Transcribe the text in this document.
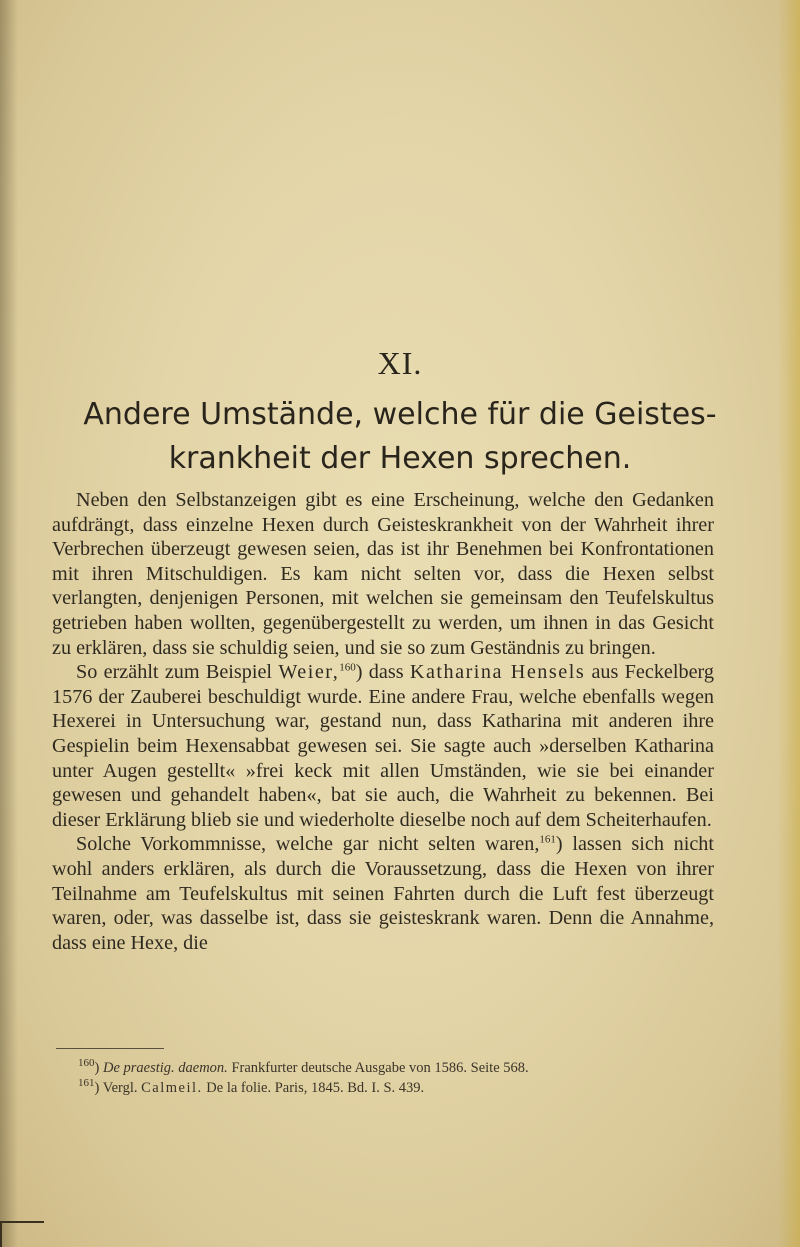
XI.
Andere Umstände, welche für die Geistes-
krankheit der Hexen sprechen.

Neben den Selbstanzeigen gibt es eine Erscheinung, welche den Gedanken aufdrängt, dass einzelne Hexen durch Geisteskrankheit von der Wahrheit ihrer Verbrechen überzeugt gewesen seien, das ist ihr Benehmen bei Konfrontationen mit ihren Mitschuldigen. Es kam nicht selten vor, dass die Hexen selbst verlangten, denjenigen Personen, mit welchen sie gemeinsam den Teufelskultus getrieben haben wollten, gegenübergestellt zu werden, um ihnen in das Gesicht zu erklären, dass sie schuldig seien, und sie so zum Geständnis zu bringen.

So erzählt zum Beispiel Weier,$^{160}$) dass Katharina Hensels aus Feckelberg 1576 der Zauberei beschuldigt wurde. Eine andere Frau, welche ebenfalls wegen Hexerei in Untersuchung war, gestand nun, dass Katharina mit anderen ihre Gespielin beim Hexensabbat gewesen sei. Sie sagte auch »derselben Katharina unter Augen gestellt« »frei keck mit allen Umständen, wie sie bei einander gewesen und gehandelt haben«, bat sie auch, die Wahrheit zu bekennen. Bei dieser Erklärung blieb sie und wiederholte dieselbe noch auf dem Scheiterhaufen.

Solche Vorkommnisse, welche gar nicht selten waren,$^{161}$) lassen sich nicht wohl anders erklären, als durch die Voraussetzung, dass die Hexen von ihrer Teilnahme am Teufelskultus mit seinen Fahrten durch die Luft fest überzeugt waren, oder, was dasselbe ist, dass sie geisteskrank waren. Denn die Annahme, dass eine Hexe, die

$^{160}$) De praestig. daemon. Frankfurter deutsche Ausgabe von 1586. Seite 568.
$^{161}$) Vergl. Calmeil. De la folie. Paris, 1845. Bd. I. S. 439.
